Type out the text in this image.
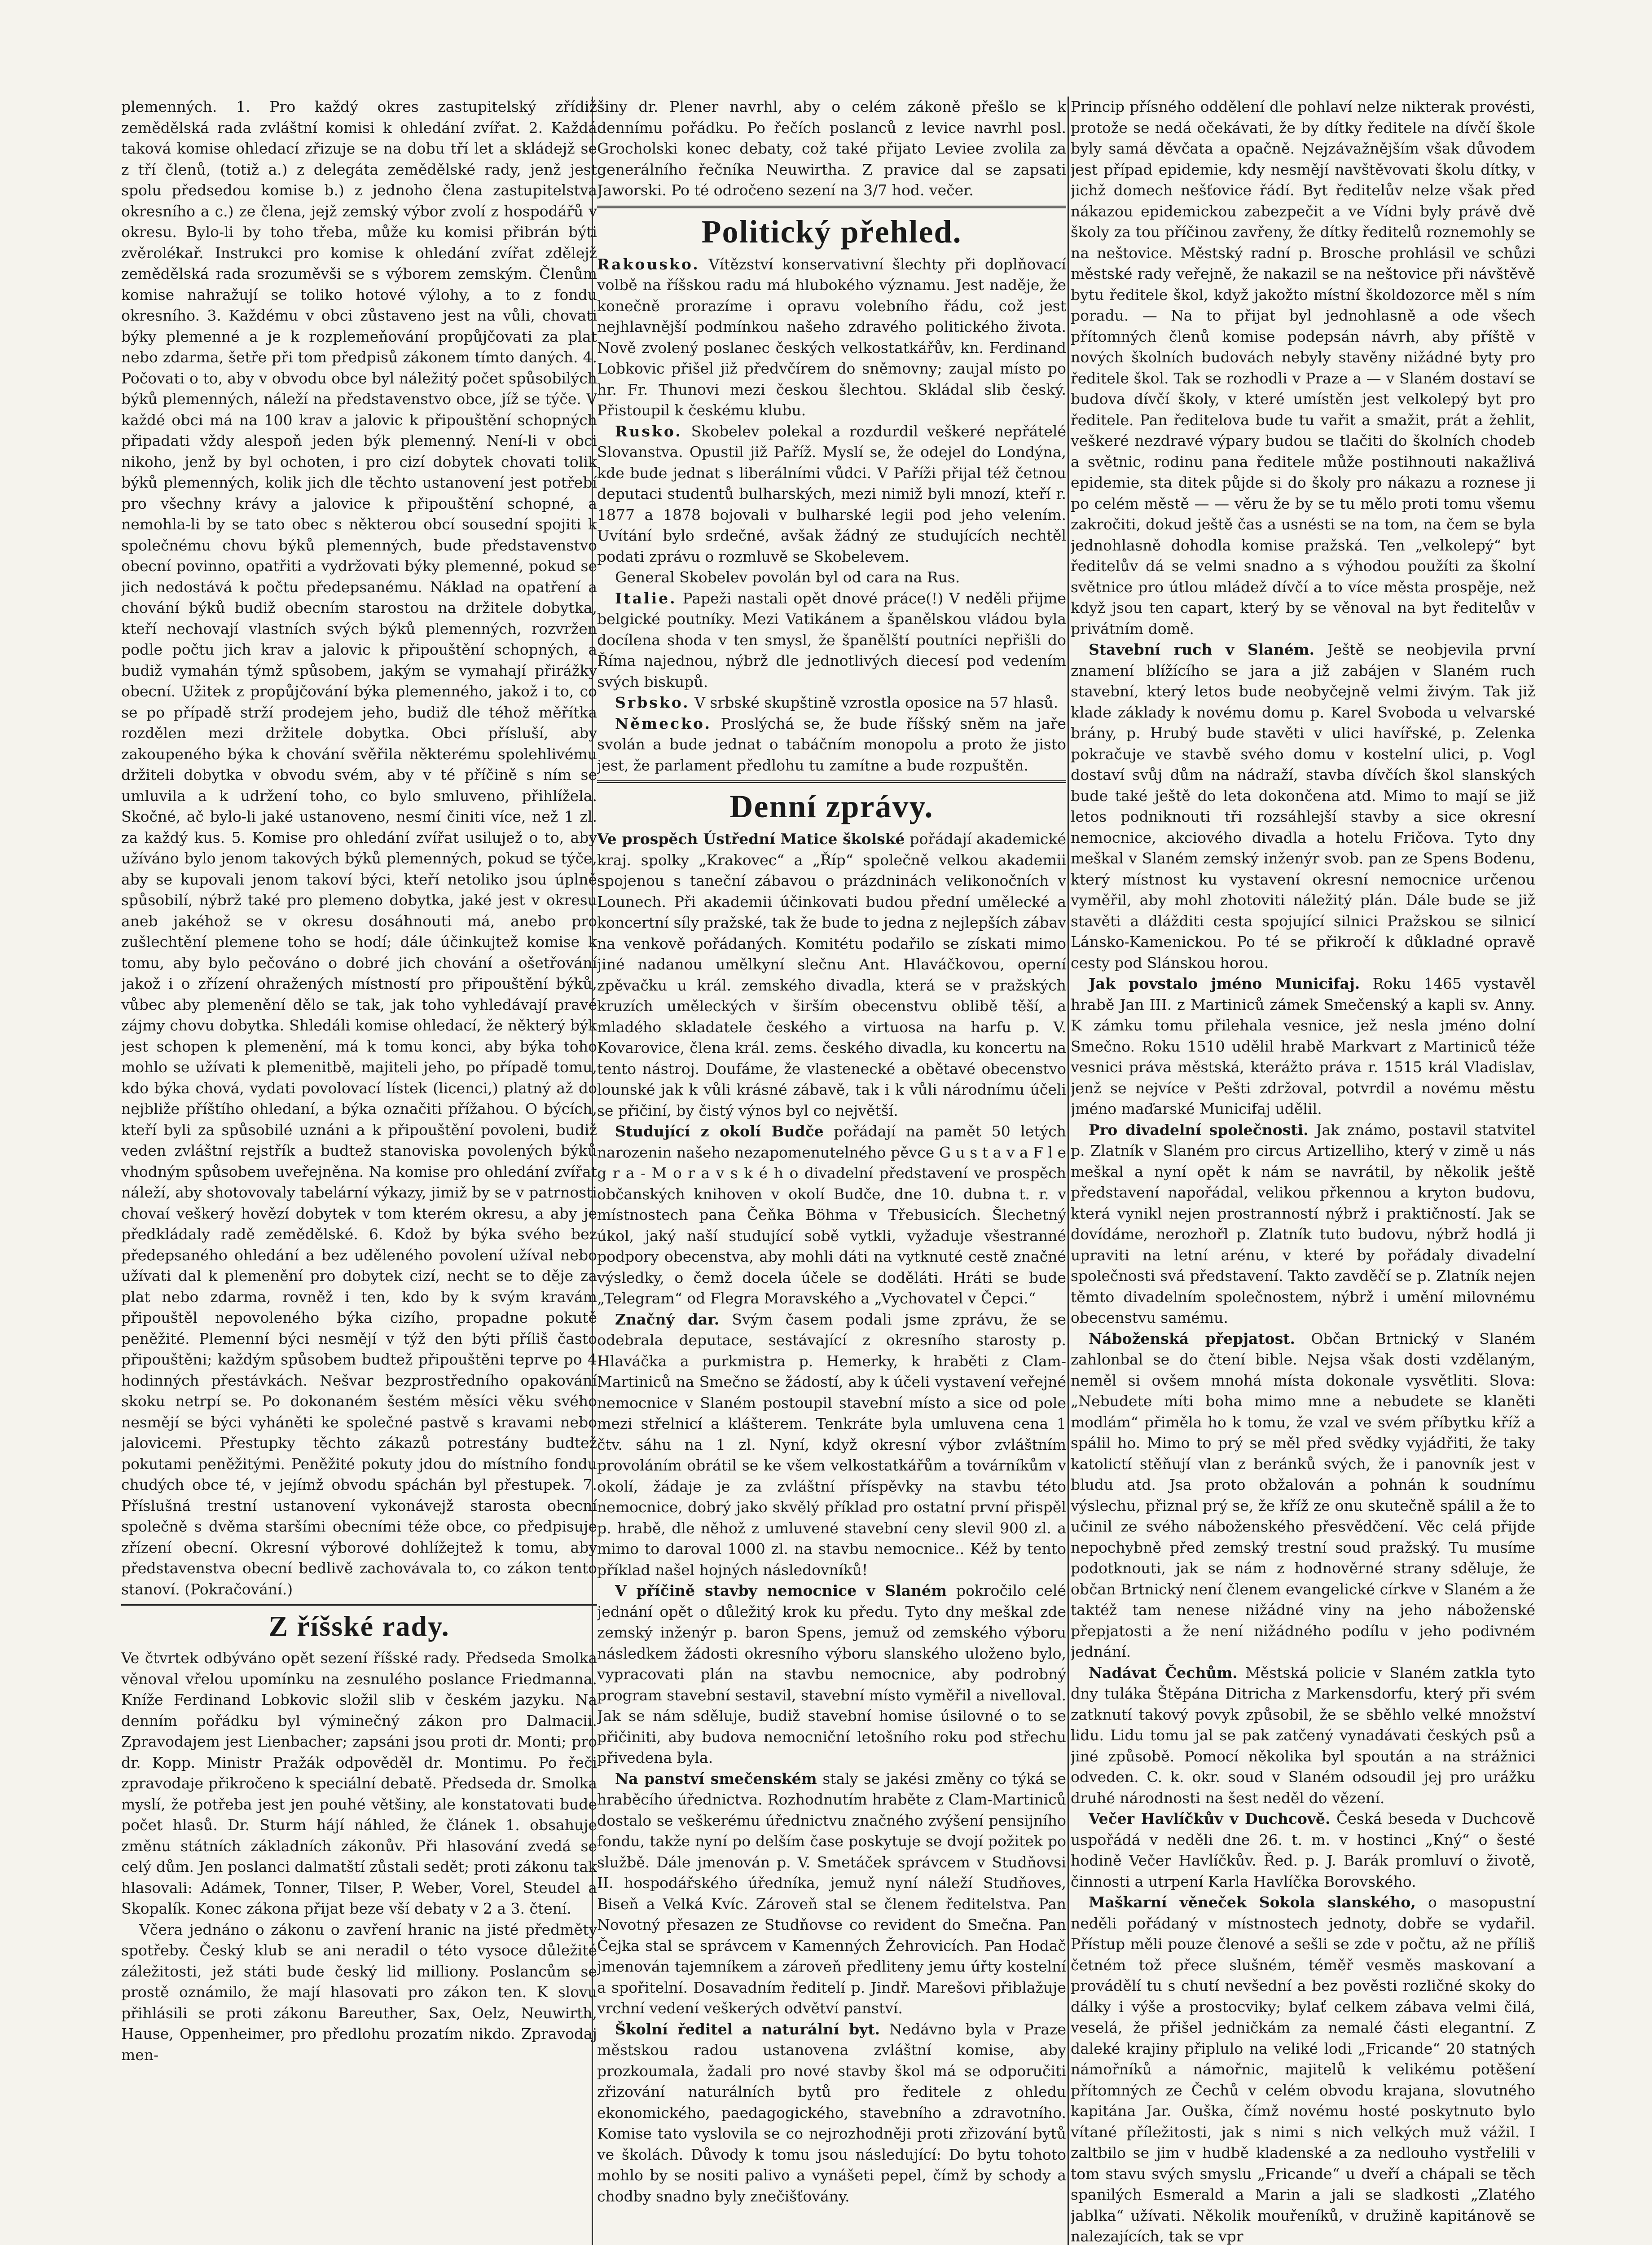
plemenných. 1. Pro každý okres zastupitelský zřídiž zemědělská rada zvláštní komisi k ohledání zvířat. 2. Každá taková komise ohledací zřizuje se na dobu tří let a skládejž se z tří členů, (totiž a.) z delegáta zemědělské rady, jenž jest spolu předsedou komise b.) z jednoho člena zastupitelstva okresního a c.) ze člena, jejž zemský výbor zvolí z hospodářů v okresu. Bylo-li by toho třeba, může ku komisi přibrán býti zvěrolékař. Instrukci pro komise k ohledání zvířat zdělejž zemědělská rada srozuměvši se s výborem zemským. Členům komise nahražují se toliko hotové výlohy, a to z fondu okresního. 3. Každému v obci zůstaveno jest na vůli, chovati býky plemenné a je k rozplemeňování propůjčovati za plat nebo zdarma, šetře při tom předpisů zákonem tímto daných. 4. Počovati o to, aby v obvodu obce byl náležitý počet spůsobilých býků plemenných, náleží na představenstvo obce, jíž se týče. V každé obci má na 100 krav a jalovic k připouštění schopných připadati vždy alespoň jeden býk plemenný. Není-li v obci nikoho, jenž by byl ochoten, i pro cizí dobytek chovati tolik býků plemenných, kolik jich dle těchto ustanovení jest potřebí pro všechny krávy a jalovice k připouštění schopné, a nemohla-li by se tato obec s některou obcí sousední spojiti k společnému chovu býků plemenných, bude představenstvo obecní povinno, opatřiti a vydržovati býky plemenné, pokud se jich nedostává k počtu předepsanému. Náklad na opatření a chování býků budiž obecním starostou na držitele dobytka, kteří nechovají vlastních svých býků plemenných, rozvržen podle počtu jich krav a jalovic k připouštění schopných, a budiž vymahán týmž spůsobem, jakým se vymahají přirážky obecní. Užitek z propůjčování býka plemenného, jakož i to, co se po případě strží prodejem jeho, budiž dle téhož měřítka rozdělen mezi držitele dobytka. Obci přísluší, aby zakoupeného býka k chování svěřila některému spolehlivému držiteli dobytka v obvodu svém, aby v té příčině s ním se umluvila a k udržení toho, co bylo smluveno, přihlížela. Skočné, ač bylo-li jaké ustanoveno, nesmí činiti více, než 1 zl. za každý kus. 5. Komise pro ohledání zvířat usilujež o to, aby užíváno bylo jenom takových býků plemenných, pokud se týče, aby se kupovali jenom takoví býci, kteří netoliko jsou úplně spůsobilí, nýbrž také pro plemeno dobytka, jaké jest v okresu aneb jakéhož se v okresu dosáhnouti má, anebo pro zušlechtění plemene toho se hodí; dále účinkujtež komise k tomu, aby bylo pečováno o dobré jich chování a ošetřování jakož i o zřízení ohražených místností pro připouštění býků, vůbec aby plemenění dělo se tak, jak toho vyhledávají pravé zájmy chovu dobytka. Shledáli komise ohledací, že některý býk jest schopen k plemenění, má k tomu konci, aby býka toho mohlo se užívati k plemenitbě, majiteli jeho, po případě tomu, kdo býka chová, vydati povolovací lístek (licenci,) platný až do nejbliže příštího ohledaní, a býka označiti přížahou. O býcích, kteří byli za spůsobilé uznáni a k připouštění povoleni, budiž veden zvláštní rejstřík a budtež stanoviska povolených býků vhodným spůsobem uveřejněna. Na komise pro ohledání zvířat náleží, aby shotovovaly tabelární výkazy, jimiž by se v patrnosti chovaí veškerý hovězí dobytek v tom kterém okresu, a aby je předkládaly radě zemědělské. 6. Kdož by býka svého bez předepsaného ohledání a bez uděleného povolení užíval nebo užívati dal k plemenění pro dobytek cizí, necht se to děje za plat nebo zdarma, rovněž i ten, kdo by k svým kravám připouštěl nepovoleného býka cizího, propadne pokutě peněžité. Plemenní býci nesmějí v týž den býti příliš často připouštěni; každým spůsobem budtež připouštěni teprve po 4 hodinných přestávkách. Nešvar bezprostředního opakování skoku netrpí se. Po dokonaném šestém měsíci věku svého nesmějí se býci vyháněti ke společné pastvě s kravami nebo jalovicemi. Přestupky těchto zákazů potrestány budtež pokutami peněžitými. Peněžité pokuty jdou do místního fondu chudých obce té, v jejímž obvodu spáchán byl přestupek. 7. Příslušná trestní ustanovení vykonávejž starosta obecní společně s dvěma staršími obecními téže obce, co předpisuje zřízení obecní. Okresní výborové dohlížejtež k tomu, aby představenstva obecní bedlivě zachovávala to, co zákon tento stanoví. (Pokračování.)

Z říšské rady.

Ve čtvrtek odbýváno opět sezení říšské rady. Předseda Smolka věnoval vřelou upomínku na zesnulého poslance Friedmanna. Kníže Ferdinand Lobkovic složil slib v českém jazyku. Na denním pořádku byl výminečný zákon pro Dalmacii. Zpravodajem jest Lienbacher; zapsáni jsou proti dr. Monti; pro dr. Kopp. Ministr Pražák odpověděl dr. Montimu. Po řeči zpravodaje přikročeno k speciální debatě. Předseda dr. Smolka myslí, že potřeba jest jen pouhé většiny, ale konstatovati bude počet hlasů. Dr. Sturm hájí náhled, že článek 1. obsahuje změnu státních základních zákonův. Při hlasování zvedá se celý dům. Jen poslanci dalmatští zůstali sedět; proti zákonu tak hlasovali: Adámek, Tonner, Tilser, P. Weber, Vorel, Steudel a Skopalík. Konec zákona přijat beze vší debaty v 2 a 3. čtení.

Včera jednáno o zákonu o zavření hranic na jisté předměty spotřeby. Český klub se ani neradil o této vysoce důležité záležitosti, jež státi bude český lid milliony. Poslancům se prostě oznámilo, že mají hlasovati pro zákon ten. K slovu přihlásili se proti zákonu Bareuther, Sax, Oelz, Neuwirth, Hause, Oppenheimer, pro předlohu prozatím nikdo. Zpravodaj men-

šiny dr. Plener navrhl, aby o celém zákoně přešlo se k dennímu pořádku. Po řečích poslanců z levice navrhl posl. Grocholski konec debaty, což také přijato Leviee zvolila za generálního řečníka Neuwirtha. Z pravice dal se zapsati Jaworski. Po té odročeno sezení na 3/7 hod. večer.

Politický přehled.

Rakousko. Vítězství konservativní šlechty při doplňovací volbě na říšskou radu má hlubokého významu. Jest naděje, že konečně prorazíme i opravu volebního řádu, což jest nejhlavnější podmínkou našeho zdravého politického života. Nově zvolený poslanec českých velkostatkářův, kn. Ferdinand Lobkovic přišel již předvčírem do sněmovny; zaujal místo po hr. Fr. Thunovi mezi českou šlechtou. Skládal slib český. Přistoupil k českému klubu.

Rusko. Skobelev polekal a rozdurdil veškeré nepřátelé Slovanstva. Opustil již Paříž. Myslí se, že odejel do Londýna, kde bude jednat s liberálními vůdci. V Paříži přijal též četnou deputaci studentů bulharských, mezi nimiž byli mnozí, kteří r. 1877 a 1878 bojovali v bulharské legii pod jeho velením. Uvítání bylo srdečné, avšak žádný ze studujících nechtěl podati zprávu o rozmluvě se Skobelevem.

General Skobelev povolán byl od cara na Rus.

Italie. Papeži nastali opět dnové práce(!) V neděli přijme belgické poutníky. Mezi Vatikánem a španělskou vládou byla docílena shoda v ten smysl, že španělští poutníci nepřišli do Říma najednou, nýbrž dle jednotlivých diecesí pod vedením svých biskupů.

Srbsko. V srbské skupštině vzrostla oposice na 57 hlasů.

Německo. Proslýchá se, že bude říšský sněm na jaře svolán a bude jednat o tabáčním monopolu a proto že jisto jest, že parlament předlohu tu zamítne a bude rozpuštěn.

Denní zprávy.

Ve prospěch Ústřední Matice školské pořádají akademické kraj. spolky „Krakovec“ a „Říp“ společně velkou akademii spojenou s taneční zábavou o prázdninách velikonočních v Lounech. Při akademii účinkovati budou přední umělecké a koncertní síly pražské, tak že bude to jedna z nejlepších zábav na venkově pořádaných. Komitétu podařilo se získati mimo jiné nadanou umělkyní slečnu Ant. Hlaváčkovou, operní zpěvačku u král. zemského divadla, která se v pražských kruzích uměleckých v širším obecenstvu oblibě těší, a mladého skladatele českého a virtuosa na harfu p. V. Kovarovice, člena král. zems. českého divadla, ku koncertu na tento nástroj. Doufáme, že vlastenecké a obětavé obecenstvo lounské jak k vůli krásné zábavě, tak i k vůli národnímu účeli se přičiní, by čistý výnos byl co největší.

Studující z okolí Budče pořádají na pamět 50 letých narozenin našeho nezapomenutelného pěvce G u s t a v a F l e g r a - M o r a v s k é h o divadelní představení ve prospěch občanských knihoven v okolí Budče, dne 10. dubna t. r. v místnostech pana Čeňka Böhma v Třebusicích. Šlechetný úkol, jaký naší studující sobě vytkli, vyžaduje všestranné podpory obecenstva, aby mohli dáti na vytknuté cestě značné výsledky, o čemž docela účele se doděláti. Hráti se bude „Telegram“ od Flegra Moravského a „Vychovatel v Čepci.“

Značný dar. Svým časem podali jsme zprávu, že se odebrala deputace, sestávající z okresního starosty p. Hlaváčka a purkmistra p. Hemerky, k hraběti z Clam-Martiniců na Smečno se žádostí, aby k účeli vystavení veřejné nemocnice v Slaném postoupil stavební místo a sice od pole mezi střelnicí a klášterem. Tenkráte byla umluvena cena 1 čtv. sáhu na 1 zl. Nyní, když okresní výbor zvláštním provoláním obrátil se ke všem velkostatkářům a továrníkům v okolí, žádaje je za zvláštní příspěvky na stavbu této nemocnice, dobrý jako skvělý příklad pro ostatní první přispěl p. hrabě, dle něhož z umluvené stavební ceny slevil 900 zl. a mimo to daroval 1000 zl. na stavbu nemocnice.. Kéž by tento příklad našel hojných následovníků!

V příčině stavby nemocnice v Slaném pokročilo celé jednání opět o důležitý krok ku předu. Tyto dny meškal zde zemský inženýr p. baron Spens, jemuž od zemského výboru následkem žádosti okresního výboru slanského uloženo bylo, vypracovati plán na stavbu nemocnice, aby podrobný program stavební sestavil, stavební místo vyměřil a nivelloval. Jak se nám sděluje, budiž stavební homise úsilovné o to se přičiniti, aby budova nemocniční letošního roku pod střechu přivedena byla.

Na panství smečenském staly se jakési změny co týká se hraběcího úřednictva. Rozhodnutím hraběte z Clam-Martiniců dostalo se veškerému úřednictvu značného zvýšení pensijního fondu, takže nyní po delším čase poskytuje se dvojí požitek po službě. Dále jmenován p. V. Smetáček správcem v Studňovsi II. hospodářského úředníka, jemuž nyní náleží Studňoves, Biseň a Velká Kvíc. Zároveň stal se členem ředitelstva. Pan Novotný přesazen ze Studňovse co revident do Smečna. Pan Čejka stal se správcem v Kamenných Žehrovicích. Pan Hodač jmenován tajemníkem a zároveň předliteny jemu úřty kostelní a spořitelní. Dosavadním ředitelí p. Jindř. Marešovi přiblažuje vrchní vedení veškerých odvětví panství.

Školní ředitel a naturální byt. Nedávno byla v Praze městskou radou ustanovena zvláštní komise, aby prozkoumala, žadali pro nové stavby škol má se odporučiti zřizování naturálních bytů pro ředitele z ohledu ekonomického, paedagogického, stavebního a zdravotního. Komise tato vyslovila se co nejrozhodněji proti zřizování bytů ve školách. Důvody k tomu jsou následující: Do bytu tohoto mohlo by se nositi palivo a vynášeti pepel, čímž by schody a chodby snadno byly znečišťovány.

Princip přísného oddělení dle pohlaví nelze nikterak provésti, protože se nedá očekávati, že by dítky ředitele na dívčí škole byly samá děvčata a opačně. Nejzávažnějším však důvodem jest případ epidemie, kdy nesmějí navštěvovati školu dítky, v jichž domech nešťovice řádí. Byt ředitelův nelze však před nákazou epidemickou zabezpečit a ve Vídni byly právě dvě školy za tou příčinou zavřeny, že dítky ředitelů roznemohly se na neštovice. Městský radní p. Brosche prohlásil ve schůzi městské rady veřejně, že nakazil se na neštovice při návštěvě bytu ředitele škol, když jakožto místní školdozorce měl s ním poradu. — Na to přijat byl jednohlasně a ode všech přítomných členů komise podepsán návrh, aby příště v nových školních budovách nebyly stavěny nižádné byty pro ředitele škol. Tak se rozhodli v Praze a — v Slaném dostaví se budova dívčí školy, v které umístěn jest velkolepý byt pro ředitele. Pan ředitelova bude tu vařit a smažit, prát a žehlit, veškeré nezdravé výpary budou se tlačiti do školních chodeb a světnic, rodinu pana ředitele může postihnouti nakažlivá epidemie, sta ditek půjde si do školy pro nákazu a roznese ji po celém městě — — věru že by se tu mělo proti tomu všemu zakročiti, dokud ještě čas a usnésti se na tom, na čem se byla jednohlasně dohodla komise pražská. Ten „velkolepý“ byt ředitelův dá se velmi snadno a s výhodou použíti za školní světnice pro útlou mládež dívčí a to více města prospěje, než když jsou ten capart, který by se věnoval na byt ředitelův v privátním domě.

Stavební ruch v Slaném. Ještě se neobjevila první znamení blížícího se jara a již zabájen v Slaném ruch stavební, který letos bude neobyčejně velmi živým. Tak již klade základy k novému domu p. Karel Svoboda u velvarské brány, p. Hrubý bude stavěti v ulici havířské, p. Zelenka pokračuje ve stavbě svého domu v kostelní ulici, p. Vogl dostaví svůj dům na nádraží, stavba dívčích škol slanských bude také ještě do leta dokončena atd. Mimo to mají se již letos podniknouti tři rozsáhlejší stavby a sice okresní nemocnice, akciového divadla a hotelu Fričova. Tyto dny meškal v Slaném zemský inženýr svob. pan ze Spens Bodenu, který místnost ku vystavení okresní nemocnice určenou vyměřil, aby mohl zhotoviti náležitý plán. Dále bude se již stavěti a dlážditi cesta spojující silnici Pražskou se silnicí Lánsko-Kamenickou. Po té se přikročí k důkladné opravě cesty pod Slánskou horou.

Jak povstalo jméno Municifaj. Roku 1465 vystavěl hrabě Jan III. z Martiniců zámek Smečenský a kapli sv. Anny. K zámku tomu přilehala vesnice, jež nesla jméno dolní Smečno. Roku 1510 udělil hrabě Markvart z Martiniců téže vesnici práva městská, kterážto práva r. 1515 král Vladislav, jenž se nejvíce v Pešti zdržoval, potvrdil a novému městu jméno maďarské Municifaj udělil.

Pro divadelní společnosti. Jak známo, postavil statvitel p. Zlatník v Slaném pro circus Artizelliho, který v zimě u nás meškal a nyní opět k nám se navrátil, by několik ještě představení napořádal, velikou přkennou a kryton budovu, která vynikl nejen prostranností nýbrž i praktičností. Jak se dovídáme, nerozhořl p. Zlatník tuto budovu, nýbrž hodlá ji upraviti na letní arénu, v které by pořádaly divadelní společnosti svá představení. Takto zavděčí se p. Zlatník nejen těmto divadelním společnostem, nýbrž i umění milovnému obecenstvu samému.

Náboženská přepjatost. Občan Brtnický v Slaném zahlonbal se do čtení bible. Nejsa však dosti vzdělaným, neměl si ovšem mnohá místa dokonale vysvětliti. Slova: „Nebudete míti boha mimo mne a nebudete se klaněti modlám“ přiměla ho k tomu, že vzal ve svém příbytku kříž a spálil ho. Mimo to prý se měl před svědky vyjádřiti, že taky katolictí stěňují vlan z beránků svých, že i panovník jest v bludu atd. Jsa proto obžalován a pohnán k soudnímu výslechu, přiznal prý se, že kříž ze onu skutečně spálil a že to učinil ze svého náboženského přesvědčení. Věc celá přijde nepochybně před zemský trestní soud pražský. Tu musíme podotknouti, jak se nám z hodnověrné strany sděluje, že občan Brtnický není členem evangelické církve v Slaném a že taktéž tam nenese nižádné viny na jeho náboženské přepjatosti a že není nižádného podílu v jeho podivném jednání.

Nadávat Čechům. Městská policie v Slaném zatkla tyto dny tuláka Štěpána Ditricha z Markensdorfu, který při svém zatknutí takový povyk způsobil, že se sběhlo velké množství lidu. Lidu tomu jal se pak zatčený vynadávati českých psů a jiné způsobě. Pomocí několika byl spoután a na strážnici odveden. C. k. okr. soud v Slaném odsoudil jej pro urážku druhé národnosti na šest neděl do vězení.

Večer Havlíčkův v Duchcově. Česká beseda v Duchcově uspořádá v neděli dne 26. t. m. v hostinci „Kný“ o šesté hodině Večer Havlíčkův. Řed. p. J. Barák promluví o životě, činnosti a utrpení Karla Havlíčka Borovského.

Maškarní věneček Sokola slanského, o masopustní neděli pořádaný v místnostech jednoty, dobře se vydařil. Přístup měli pouze členové a sešli se zde v počtu, až ne příliš četném tož přece slušném, téměř vesměs maskovaní a provádělí tu s chutí nevšední a bez pověsti rozličné skoky do dálky i výše a prostocviky; bylať celkem zábava velmi čilá, veselá, že přišel jedničkám za nemalé části elegantní. Z daleké krajiny připlulo na veliké lodi „Fricande“ 20 statných námořníků a námořnic, majitelů k velikému potěšení přítomných ze Čechů v celém obvodu krajana, slovutného kapitána Jar. Ouška, čímž novému hosté poskytnuto bylo vítané příležitosti, jak s nimi s nich velkých muž vážil. I zaltbilo se jim v hudbě kladenské a za nedlouho vystřelili v tom stavu svých smyslu „Fricande“ u dveří a chápali se těch spanilých Esmerald a Marin a jali se sladkosti „Zlatého jablka“ užívati. Několik mouřeníků, v družině kapitánově se nalezajících, tak se vpr
